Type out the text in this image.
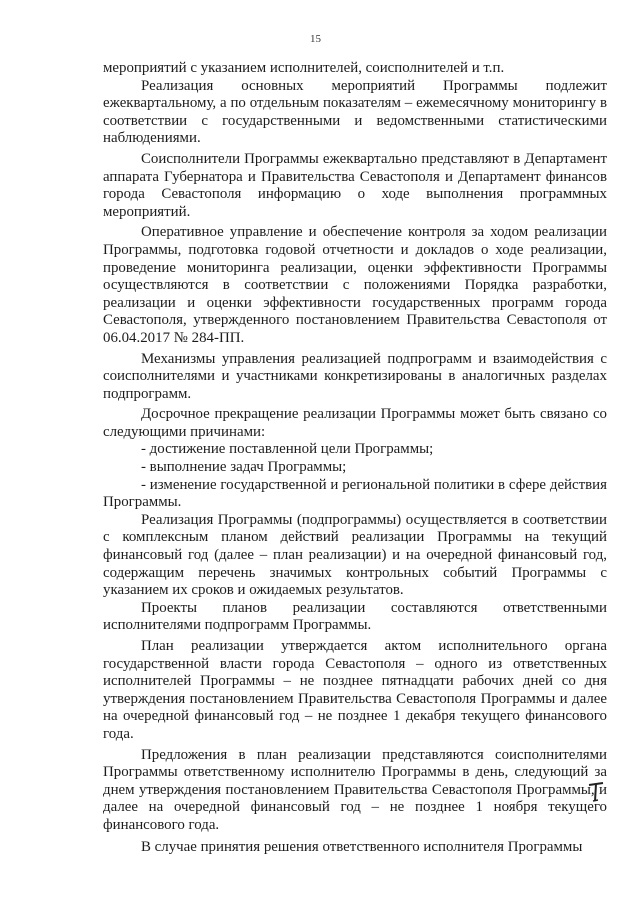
15

мероприятий с указанием исполнителей, соисполнителей и т.п.

Реализация основных мероприятий Программы подлежит ежеквартальному, а по отдельным показателям – ежемесячному мониторингу в соответствии с государственными и ведомственными статистическими наблюдениями.

Соисполнители Программы ежеквартально представляют в Департамент аппарата Губернатора и Правительства Севастополя и Департамент финансов города Севастополя информацию о ходе выполнения программных мероприятий.

Оперативное управление и обеспечение контроля за ходом реализации Программы, подготовка годовой отчетности и докладов о ходе реализации, проведение мониторинга реализации, оценки эффективности Программы осуществляются в соответствии с положениями Порядка разработки, реализации и оценки эффективности государственных программ города Севастополя, утвержденного постановлением Правительства Севастополя от 06.04.2017 № 284-ПП.

Механизмы управления реализацией подпрограмм и взаимодействия с соисполнителями и участниками конкретизированы в аналогичных разделах подпрограмм.

Досрочное прекращение реализации Программы может быть связано со следующими причинами:

- достижение поставленной цели Программы;

- выполнение задач Программы;

- изменение государственной и региональной политики в сфере действия Программы.

Реализация Программы (подпрограммы) осуществляется в соответствии с комплексным планом действий реализации Программы на текущий финансовый год (далее – план реализации) и на очередной финансовый год, содержащим перечень значимых контрольных событий Программы с указанием их сроков и ожидаемых результатов.

Проекты планов реализации составляются ответственными исполнителями подпрограмм Программы.

План реализации утверждается актом исполнительного органа государственной власти города Севастополя – одного из ответственных исполнителей Программы – не позднее пятнадцати рабочих дней со дня утверждения постановлением Правительства Севастополя Программы и далее на очередной финансовый год – не позднее 1 декабря текущего финансового года.

Предложения в план реализации представляются соисполнителями Программы ответственному исполнителю Программы в день, следующий за днем утверждения постановлением Правительства Севастополя Программы, и далее на очередной финансовый год – не позднее 1 ноября текущего финансового года.

В случае принятия решения ответственного исполнителя Программы
